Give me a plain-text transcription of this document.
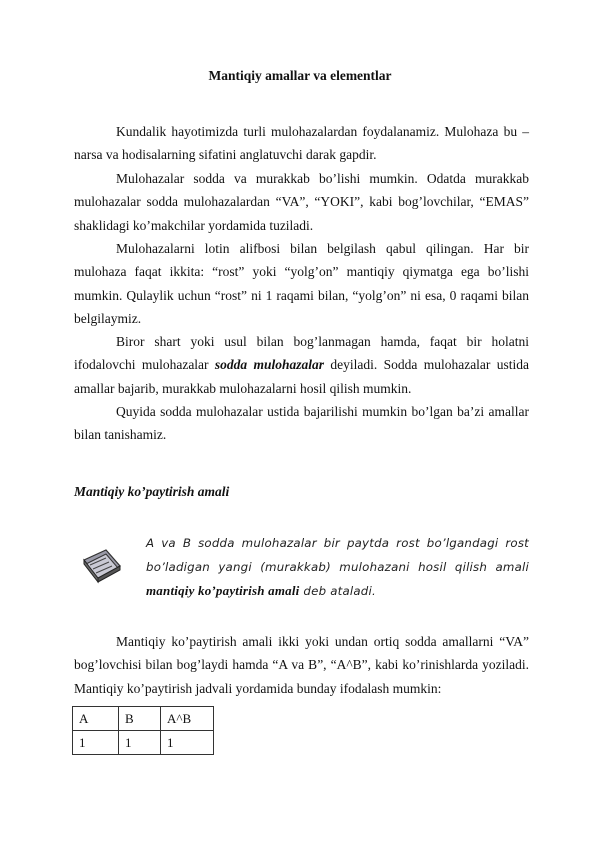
Mantiqiy amallar va elementlar

Kundalik hayotimizda turli mulohazalardan foydalanamiz. Mulohaza bu –narsa va hodisalarning sifatini anglatuvchi darak gapdir.

Mulohazalar sodda va murakkab bo’lishi mumkin. Odatda murakkab mulohazalar sodda mulohazalardan “VA”, “YOKI”, kabi bog’lovchilar, “EMAS” shaklidagi ko’makchilar yordamida tuziladi.

Mulohazalarni lotin alifbosi bilan belgilash qabul qilingan. Har bir mulohaza faqat ikkita: “rost” yoki “yolg’on” mantiqiy qiymatga ega bo’lishi mumkin. Qulaylik uchun “rost” ni 1 raqami bilan, “yolg’on” ni esa, 0 raqami bilan belgilaymiz.

Biror shart yoki usul bilan bog’lanmagan hamda, faqat bir holatni ifodalovchi mulohazalar sodda mulohazalar deyiladi. Sodda mulohazalar ustida amallar bajarib, murakkab mulohazalarni hosil qilish mumkin.

Quyida sodda mulohazalar ustida bajarilishi mumkin bo’lgan ba’zi amallar bilan tanishamiz.

Mantiqiy ko’paytirish amali
A va B sodda mulohazalar bir paytda rost bo’lgandagi rost bo’ladigan yangi (murakkab) mulohazani hosil qilish amali mantiqiy ko’paytirish amali deb ataladi.

Mantiqiy ko’paytirish amali ikki yoki undan ortiq sodda amallarni “VA” bog’lovchisi bilan bog’laydi hamda “A va B”, “A^B”, kabi ko’rinishlarda yoziladi. Mantiqiy ko’paytirish jadvali yordamida bunday ifodalash mumkin:

A	B	A^B
1	1	1
